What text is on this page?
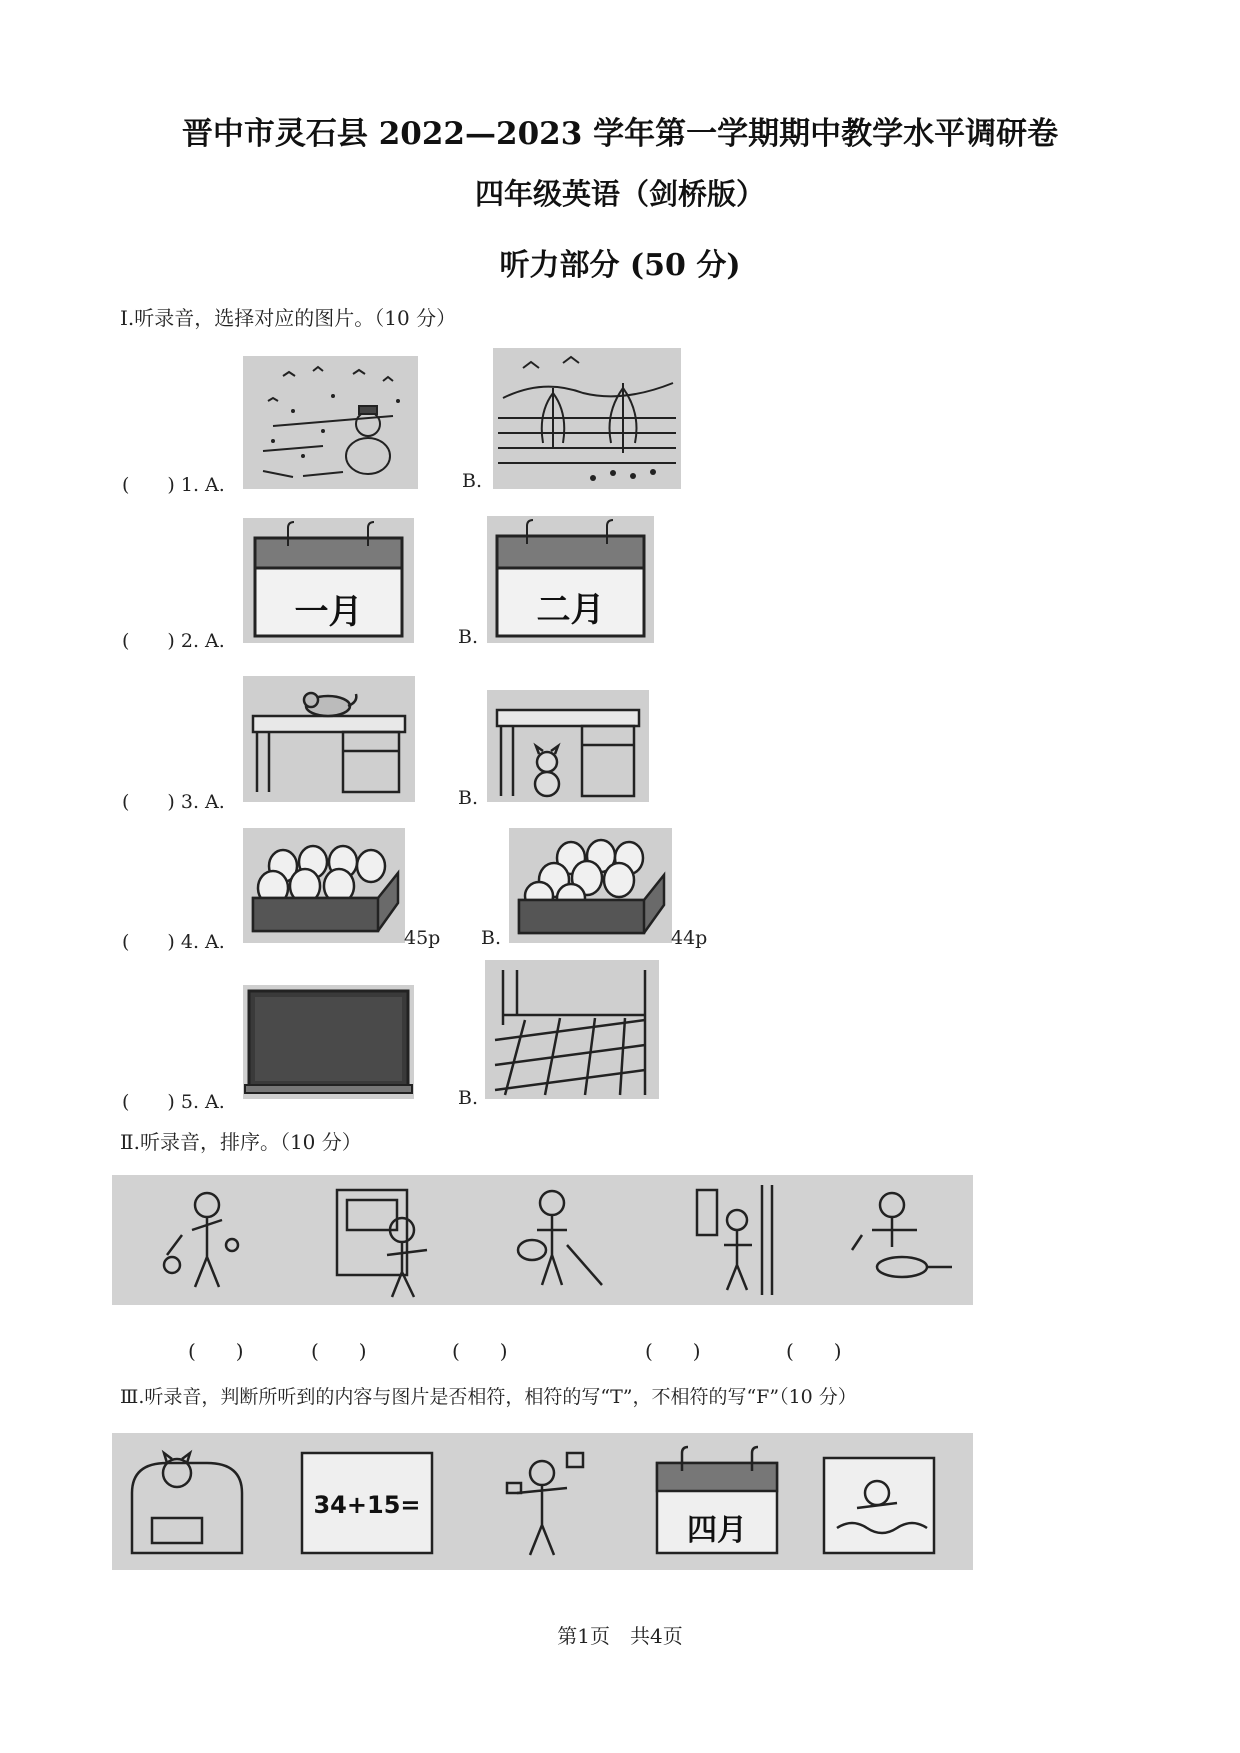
晋中市灵石县 2022—2023 学年第一学期期中教学水平调研卷
四年级英语（剑桥版）
听力部分 (50 分)
Ⅰ.听录音，选择对应的图片。（10 分）
(　　) 1. A.	B.
(　　) 2. A.
一月
B.
二月
(　　) 3. A.	B.
(　　) 4. A.	45p B.	44p
(　　) 5. A.	B.
Ⅱ.听录音，排序。（10 分）
(　　)	(　　)	(　　)	(　　)	(　　)
Ⅲ.听录音，判断所听到的内容与图片是否相符，相符的写“T”，不相符的写“F”（10 分）
34+15=
四月
第1页　共4页
